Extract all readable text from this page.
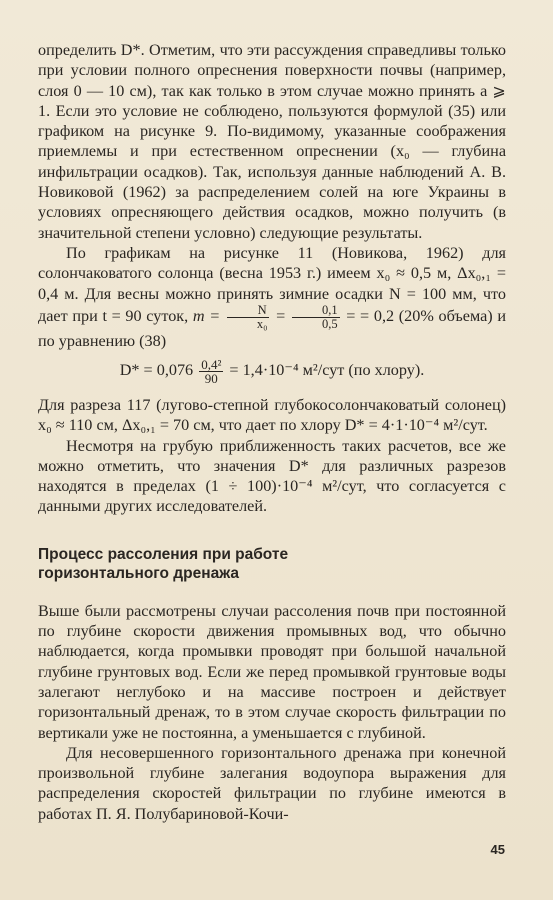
определить D*. Отметим, что эти рассуждения справедливы только при условии полного опреснения поверхности почвы (например, слоя 0 — 10 см), так как только в этом случае можно принять a ⩾ 1. Если это условие не соблюдено, пользуются формулой (35) или графиком на рисунке 9. По-видимому, указанные соображения приемлемы и при естественном опреснении (x₀ — глубина инфильтрации осадков). Так, используя данные наблюдений А. В. Новиковой (1962) за распределением солей на юге Украины в условиях опресняющего действия осадков, можно получить (в значительной степени условно) следующие результаты.

По графикам на рисунке 11 (Новикова, 1962) для солончаковатого солонца (весна 1953 г.) имеем x₀ ≈ 0,5 м, Δx₀,₁ = 0,4 м. Для весны можно принять зимние осадки N = 100 мм, что дает при t = 90 суток, $m = \frac{N}{\text{x₀}} = \frac{0,1}{0,5}$ = = 0,2 (20% объема) и по уравнению (38)

$D* = 0,076 \frac{\text{0,4²}}{90} = 1,4\cdot 10^{-4}$ м²/сут (по хлору).

Для разреза 117 (лугово-степной глубокосолончаковатый солонец) x₀ ≈ 110 см, Δx₀,₁ = 70 см, что дает по хлору D* = 4·1·10⁻⁴ м²/сут.

Несмотря на грубую приближенность таких расчетов, все же можно отметить, что значения D* для различных разрезов находятся в пределах (1 ÷ 100)·10⁻⁴ м²/сут, что согласуется с данными других исследователей.

Процесс рассоления при работе
горизонтального дренажа

Выше были рассмотрены случаи рассоления почв при постоянной по глубине скорости движения промывных вод, что обычно наблюдается, когда промывки проводят при большой начальной глубине грунтовых вод. Если же перед промывкой грунтовые воды залегают неглубоко и на массиве построен и действует горизонтальный дренаж, то в этом случае скорость фильтрации по вертикали уже не постоянна, а уменьшается с глубиной.

Для несовершенного горизонтального дренажа при конечной произвольной глубине залегания водоупора выражения для распределения скоростей фильтрации по глубине имеются в работах П. Я. Полубариновой-Кочи-

45
